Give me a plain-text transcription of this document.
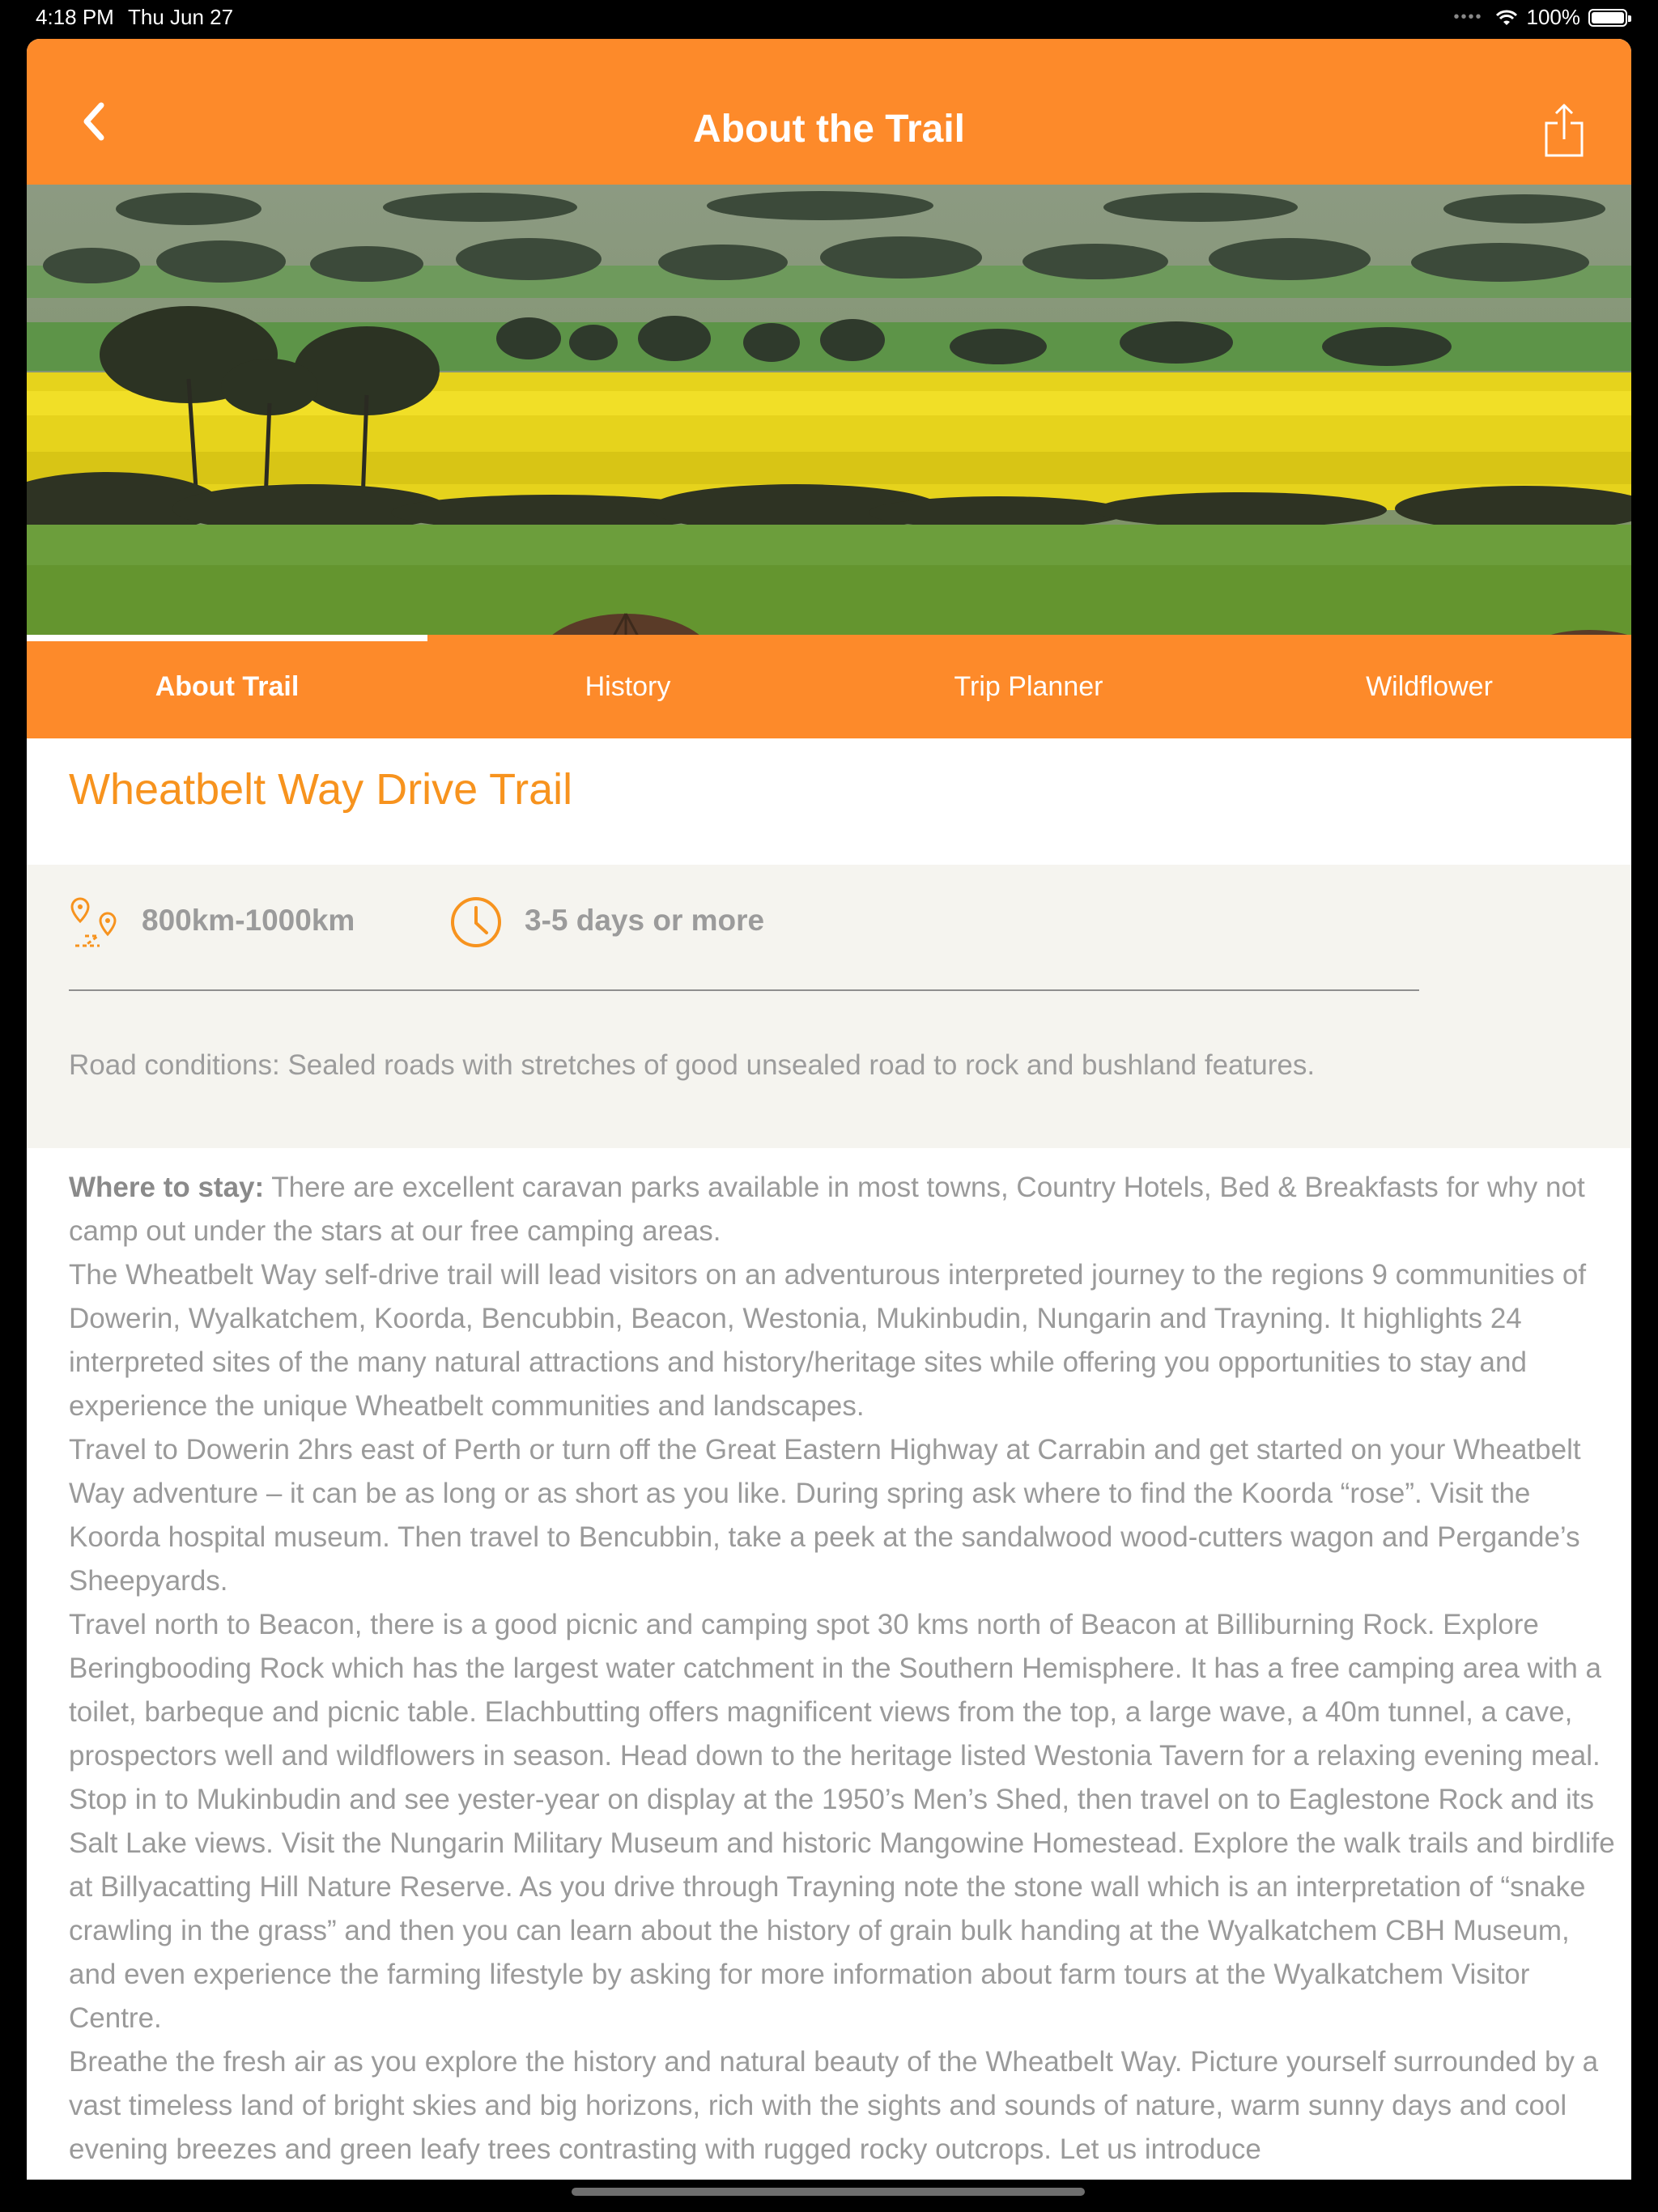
4:18 PM Thu Jun 27	•••• 100%
About the Trail
About Trail	History	Trip Planner	Wildflower
Wheatbelt Way Drive Trail
800km-1000km	3-5 days or more
Road conditions: Sealed roads with stretches of good unsealed road to rock and bushland features.

Where to stay: There are excellent caravan parks available in most towns, Country Hotels, Bed & Breakfasts for why not camp out under the stars at our free camping areas.

The Wheatbelt Way self-drive trail will lead visitors on an adventurous interpreted journey to the regions 9 communities of Dowerin, Wyalkatchem, Koorda, Bencubbin, Beacon, Westonia, Mukinbudin, Nungarin and Trayning. It highlights 24 interpreted sites of the many natural attractions and history/heritage sites while offering you opportunities to stay and experience the unique Wheatbelt communities and landscapes.

Travel to Dowerin 2hrs east of Perth or turn off the Great Eastern Highway at Carrabin and get started on your Wheatbelt Way adventure – it can be as long or as short as you like. During spring ask where to find the Koorda “rose”. Visit the Koorda hospital museum. Then travel to Bencubbin, take a peek at the sandalwood wood-cutters wagon and Pergande’s Sheepyards.

Travel north to Beacon, there is a good picnic and camping spot 30 kms north of Beacon at Billiburning Rock. Explore Beringbooding Rock which has the largest water catchment in the Southern Hemisphere. It has a free camping area with a toilet, barbeque and picnic table. Elachbutting offers magnificent views from the top, a large wave, a 40m tunnel, a cave, prospectors well and wildflowers in season. Head down to the heritage listed Westonia Tavern for a relaxing evening meal.

Stop in to Mukinbudin and see yester-year on display at the 1950’s Men’s Shed, then travel on to Eaglestone Rock and its Salt Lake views. Visit the Nungarin Military Museum and historic Mangowine Homestead. Explore the walk trails and birdlife at Billyacatting Hill Nature Reserve. As you drive through Trayning note the stone wall which is an interpretation of “snake crawling in the grass” and then you can learn about the history of grain bulk handing at the Wyalkatchem CBH Museum, and even experience the farming lifestyle by asking for more information about farm tours at the Wyalkatchem Visitor Centre.

Breathe the fresh air as you explore the history and natural beauty of the Wheatbelt Way. Picture yourself surrounded by a vast timeless land of bright skies and big horizons, rich with the sights and sounds of nature, warm sunny days and cool evening breezes and green leafy trees contrasting with rugged rocky outcrops. Let us introduce
